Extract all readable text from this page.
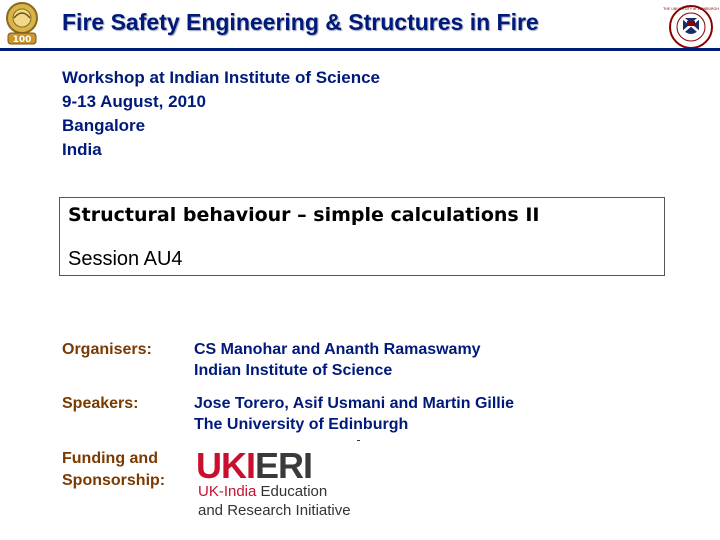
100
Fire Safety Engineering & Structures in Fire	THE UNIVERSITY of EDINBURGH
Workshop at Indian Institute of Science
9-13 August, 2010
Bangalore
India
Structural behaviour – simple calculations II
Session AU4
Organisers:	CS Manohar and Ananth Ramaswamy
Indian Institute of Science
Speakers:	Jose Torero, Asif Usmani and Martin Gillie
The University of Edinburgh
Funding and
Sponsorship: UKIERI
UK-India Education
and Research Initiative
